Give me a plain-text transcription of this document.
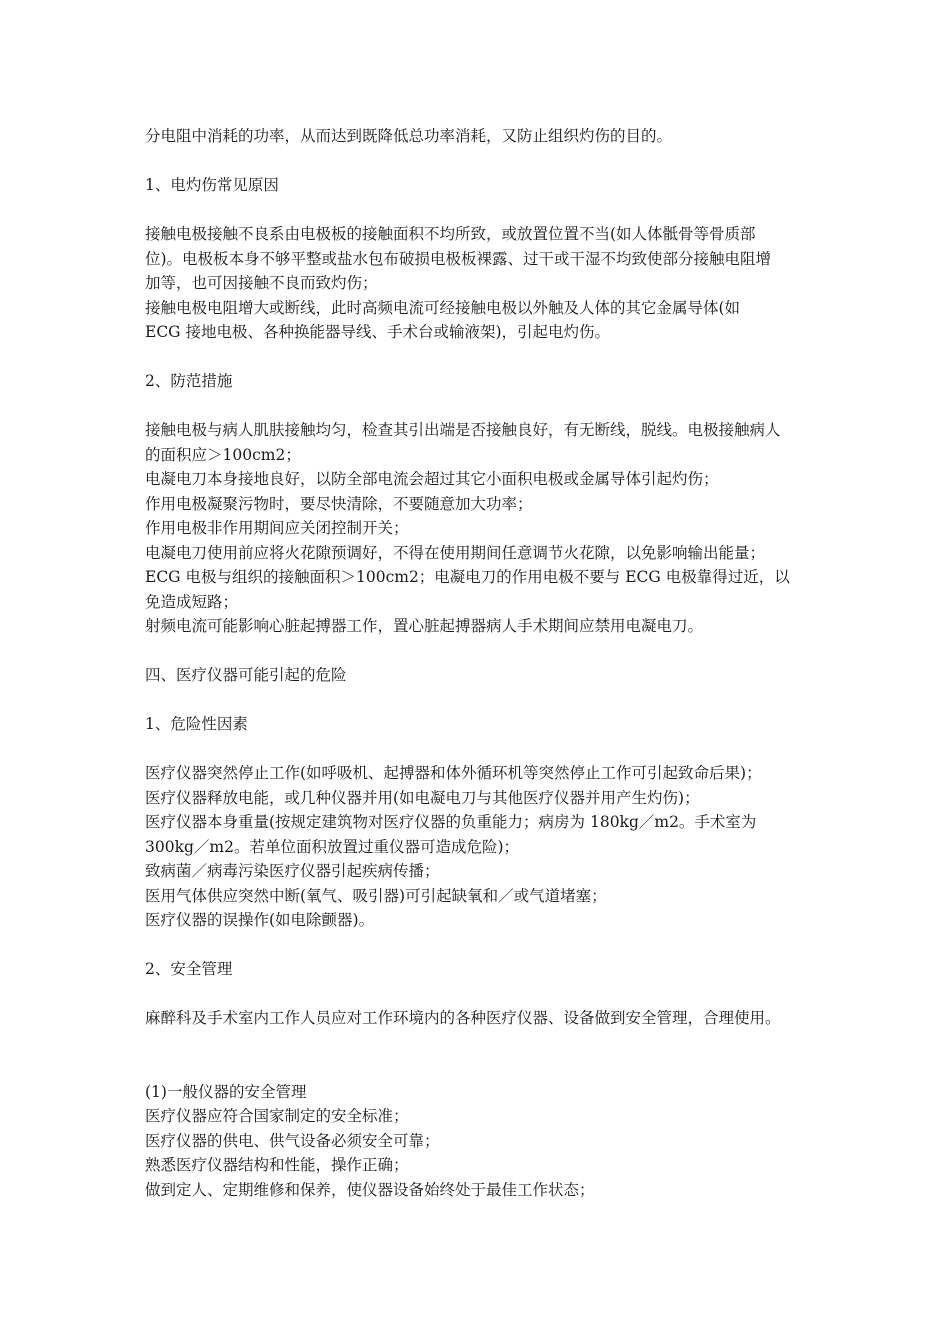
分电阻中消耗的功率，从而达到既降低总功率消耗，又防止组织灼伤的目的。

1、电灼伤常见原因

接触电极接触不良系由电极板的接触面积不均所致，或放置位置不当(如人体骶骨等骨质部

位)。电极板本身不够平整或盐水包布破损电极板裸露、过干或干湿不均致使部分接触电阻增

加等，也可因接触不良而致灼伤；

接触电极电阻增大或断线，此时高频电流可经接触电极以外触及人体的其它金属导体(如

ECG 接地电极、各种换能器导线、手术台或输液架)，引起电灼伤。

2、防范措施

接触电极与病人肌肤接触均匀，检查其引出端是否接触良好，有无断线，脱线。电极接触病人

的面积应＞100cm2；

电凝电刀本身接地良好，以防全部电流会超过其它小面积电极或金属导体引起灼伤；

作用电极凝聚污物时，要尽快清除，不要随意加大功率；

作用电极非作用期间应关闭控制开关；

电凝电刀使用前应将火花隙预调好，不得在使用期间任意调节火花隙，以免影响输出能量；

ECG 电极与组织的接触面积＞100cm2；电凝电刀的作用电极不要与 ECG 电极靠得过近，以

免造成短路；

射频电流可能影响心脏起搏器工作，置心脏起搏器病人手术期间应禁用电凝电刀。

四、医疗仪器可能引起的危险

1、危险性因素

医疗仪器突然停止工作(如呼吸机、起搏器和体外循环机等突然停止工作可引起致命后果)；

医疗仪器释放电能，或几种仪器并用(如电凝电刀与其他医疗仪器并用产生灼伤)；

医疗仪器本身重量(按规定建筑物对医疗仪器的负重能力；病房为 180kg／m2。手术室为

300kg／m2。若单位面积放置过重仪器可造成危险)；

致病菌／病毒污染医疗仪器引起疾病传播；

医用气体供应突然中断(氧气、吸引器)可引起缺氧和／或气道堵塞；

医疗仪器的误操作(如电除颤器)。

2、安全管理

麻醉科及手术室内工作人员应对工作环境内的各种医疗仪器、设备做到安全管理，合理使用。

(1)一般仪器的安全管理

医疗仪器应符合国家制定的安全标准；

医疗仪器的供电、供气设备必须安全可靠；

熟悉医疗仪器结构和性能，操作正确；

做到定人、定期维修和保养，使仪器设备始终处于最佳工作状态；
